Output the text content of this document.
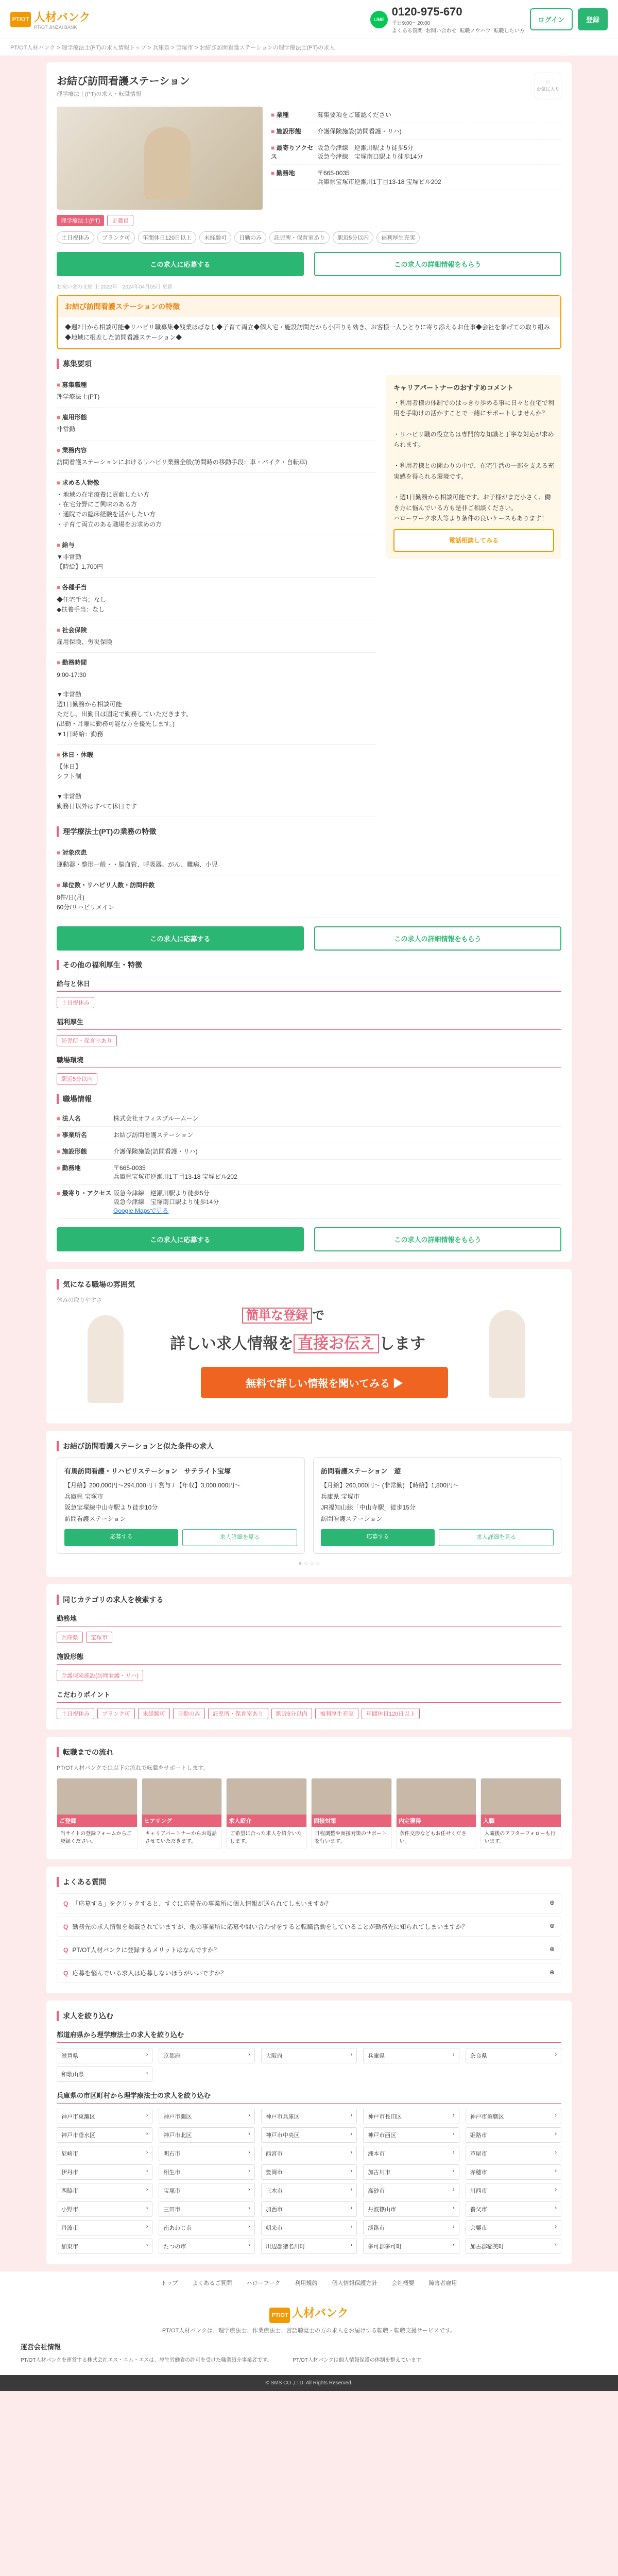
PT/OT 人材バンク
PT/OT JINZAI BANK
LINE
0120-975-670
平日9:00〜20:00
よくある質問 お問い合わせ 転職ノウハウ 転職したい方
ログイン	登録
PT/OT人材バンク > 理学療法士(PT)の求人情報トップ > 兵庫県 > 宝塚市 > お結び訪問看護ステーションの理学療法士(PT)の求人
お結び訪問看護ステーション
理学療法士(PT)の求人・転職情報
♡
お気に入り
■ 業種	募集要項をご確認ください
■ 施設形態	介護保険施設(訪問看護・リハ)
■ 最寄りアクセス
阪急今津線　逆瀬川駅より徒歩5分
阪急今津線　宝塚南口駅より徒歩14分
■ 勤務地	〒665-0035
兵庫県宝塚市逆瀬川1丁目13-18 宝塚ビル202
理学療法士(PT)	正職員
土日祝休み	ブランク可	年間休日120日以上	未経験可	日勤のみ	託児所・保育室あり	駅近5分以内	福利厚生充実
この求人に応募する	この求人の詳細情報をもらう
お祝い金の支給日: 2022年　2024年04月05日 更新
お結び訪問看護ステーションの特徴

◆週2日から相談可能◆リハビリ職募集◆残業ほぼなし◆子育て両立◆個人宅・施設訪問だから小回りも効き、お客様一人ひとりに寄り添えるお仕事◆会社を挙げての取り組み◆地域に根差した訪問看護ステーション◆

募集要項
■ 募集職種
理学療法士(PT)
■ 雇用形態
非常勤
■ 業務内容
訪問看護ステーションにおけるリハビリ業務全般(訪問時の移動手段：車・バイク・自転車)
■ 求める人物像
・地域の在宅療養に貢献したい方
・在宅分野にご興味のある方
・通院での臨床経験を活かしたい方
・子育て両立のある職場をお求めの方
■ 給与
▼非常勤
【時給】1,700円
■ 各種手当
◆住宅手当：なし
◆扶養手当：なし
■ 社会保険
雇用保険、労災保険
■ 勤務時間
9:00-17:30

▼非常勤
週1日勤務から相談可能
ただし、出勤日は固定で勤務していただきます。
(出勤・月曜に勤務可能な方を優先します。)
▼1日時給：勤務
■ 休日・休暇
【休日】
シフト制

▼非常勤
勤務日以外はすべて休日です
キャリアパートナーのおすすめコメント
・利用者様の体制でのはっきり歩める事に日々と在宅で利用を手助けの活かすことで一緒にサポートしませんか？

・リハビリ職の役立ちは専門的な知識と丁寧な対応が求められます。

・利用者様との関わりの中で、在宅生活の一部を支える充実感を得られる環境です。

・週1日勤務から相談可能です。お子様がまだ小さく、働き方に悩んでいる方も是非ご相談ください。
ハローワーク求人等より条件の良いケースもあります！
電話相談してみる
理学療法士(PT)の業務の特徴
■ 対象疾患
運動器・整形一般・・脳血管、呼吸器、がん、難病、小児
■ 単位数・リハビリ人数・訪問件数
8件/日(月)
60分/リハビリメイン
この求人に応募する	この求人の詳細情報をもらう
その他の福利厚生・特徴
給与と休日
土日祝休み
福利厚生
託児所・保育室あり
職場環境
駅近5分以内
職場情報
■ 法人名	株式会社オフィスブルームーン
■ 事業所名	お結び訪問看護ステーション
■ 施設形態	介護保険施設(訪問看護・リハ)
■ 勤務地	〒665-0035
兵庫県宝塚市逆瀬川1丁目13-18 宝塚ビル202
■ 最寄り・アクセス 阪急今津線　逆瀬川駅より徒歩5分
阪急今津線　宝塚南口駅より徒歩14分
Google Mapsで見る
この求人に応募する	この求人の詳細情報をもらう
気になる職場の雰囲気
休みの取りやすさ
簡単な登録 で
詳しい求人情報を 直接お伝え します
無料で詳しい情報を聞いてみる ▶
お結び訪問看護ステーションと似た条件の求人
有馬訪問看護・リハビリステーション　サテライト宝塚
【月給】200,000円〜294,000円＋賞与 / 【年収】3,000,000円〜
兵庫県 宝塚市
阪急宝塚線中山寺駅より徒歩10分
訪問看護ステーション
応募する	求人詳細を見る
訪問看護ステーション　遊
【月給】260,000円〜 (非常勤) 【時給】1,800円〜
兵庫県 宝塚市
JR福知山線「中山寺駅」徒歩15分
訪問看護ステーション
応募する	求人詳細を見る
● ○ ○ ○
同じカテゴリの求人を検索する
勤務地
兵庫県	宝塚市
施設形態
介護保険施設(訪問看護・リハ)
こだわりポイント
土日祝休み	ブランク可	未経験可	日勤のみ	託児所・保育室あり	駅近5分以内	福利厚生充実	年間休日120日以上
転職までの流れ
PT/OT人材バンクでは以下の流れで転職をサポートします。
ご登録

当サイトの登録フォームからご登録ください。

ヒアリング

キャリアパートナーからお電話させていただきます。

求人紹介

ご希望に合った求人を紹介いたします。

面接対策

日程調整や面接対策のサポートを行います。

内定獲得

条件交渉などもお任せください。

入職

入職後のアフターフォローも行います。

よくある質問
Q 「応募する」をクリックすると、すぐに応募先の事業所に個人情報が送られてしまいますか？	⊕
Q 勤務先の求人情報を掲載されていますが、他の事業所に応募や問い合わせをすると転職活動をしていることが勤務先に知られてしまいますか？	⊕
Q PT/OT人材バンクに登録するメリットはなんですか？	⊕
Q 応募を悩んでいる求人は応募しないほうがいいですか？	⊕
求人を絞り込む
都道府県から理学療法士の求人を絞り込む
滋賀県	›	京都府	›	大阪府	›	兵庫県	›	奈良県	›
和歌山県	›
兵庫県の市区町村から理学療法士の求人を絞り込む
神戸市東灘区	›	神戸市灘区	›	神戸市兵庫区	›	神戸市長田区	›	神戸市須磨区	›
神戸市垂水区	›	神戸市北区	›	神戸市中央区	›	神戸市西区	›	姫路市	›
尼崎市	›	明石市	›	西宮市	›	洲本市	›	芦屋市	›
伊丹市	›	相生市	›	豊岡市	›	加古川市	›	赤穂市	›
西脇市	›	宝塚市	›	三木市	›	高砂市	›	川西市	›
小野市	›	三田市	›	加西市	›	丹波篠山市	›	養父市	›
丹波市	›	南あわじ市	›	朝来市	›	淡路市	›	宍粟市	›
加東市	›	たつの市	›	川辺郡猪名川町	›	多可郡多可町	›	加古郡稲美町	›
トップ	よくあるご質問	ハローワーク	利用規約	個人情報保護方針	会社概要	障害者雇用
PT/OT 人材バンク
PT/OT人材バンクは、理学療法士、作業療法士、言語聴覚士の方の求人をお届けする転職・転職支援サービスです。
運営会社情報
PT/OT人材バンクを運営する株式会社エス・エム・エスは、厚生労働省の許可を受けた職業紹介事業者です。	PT/OT人材バンクは個人情報保護の体制を整えています。
© SMS CO.,LTD. All Rights Reserved.
